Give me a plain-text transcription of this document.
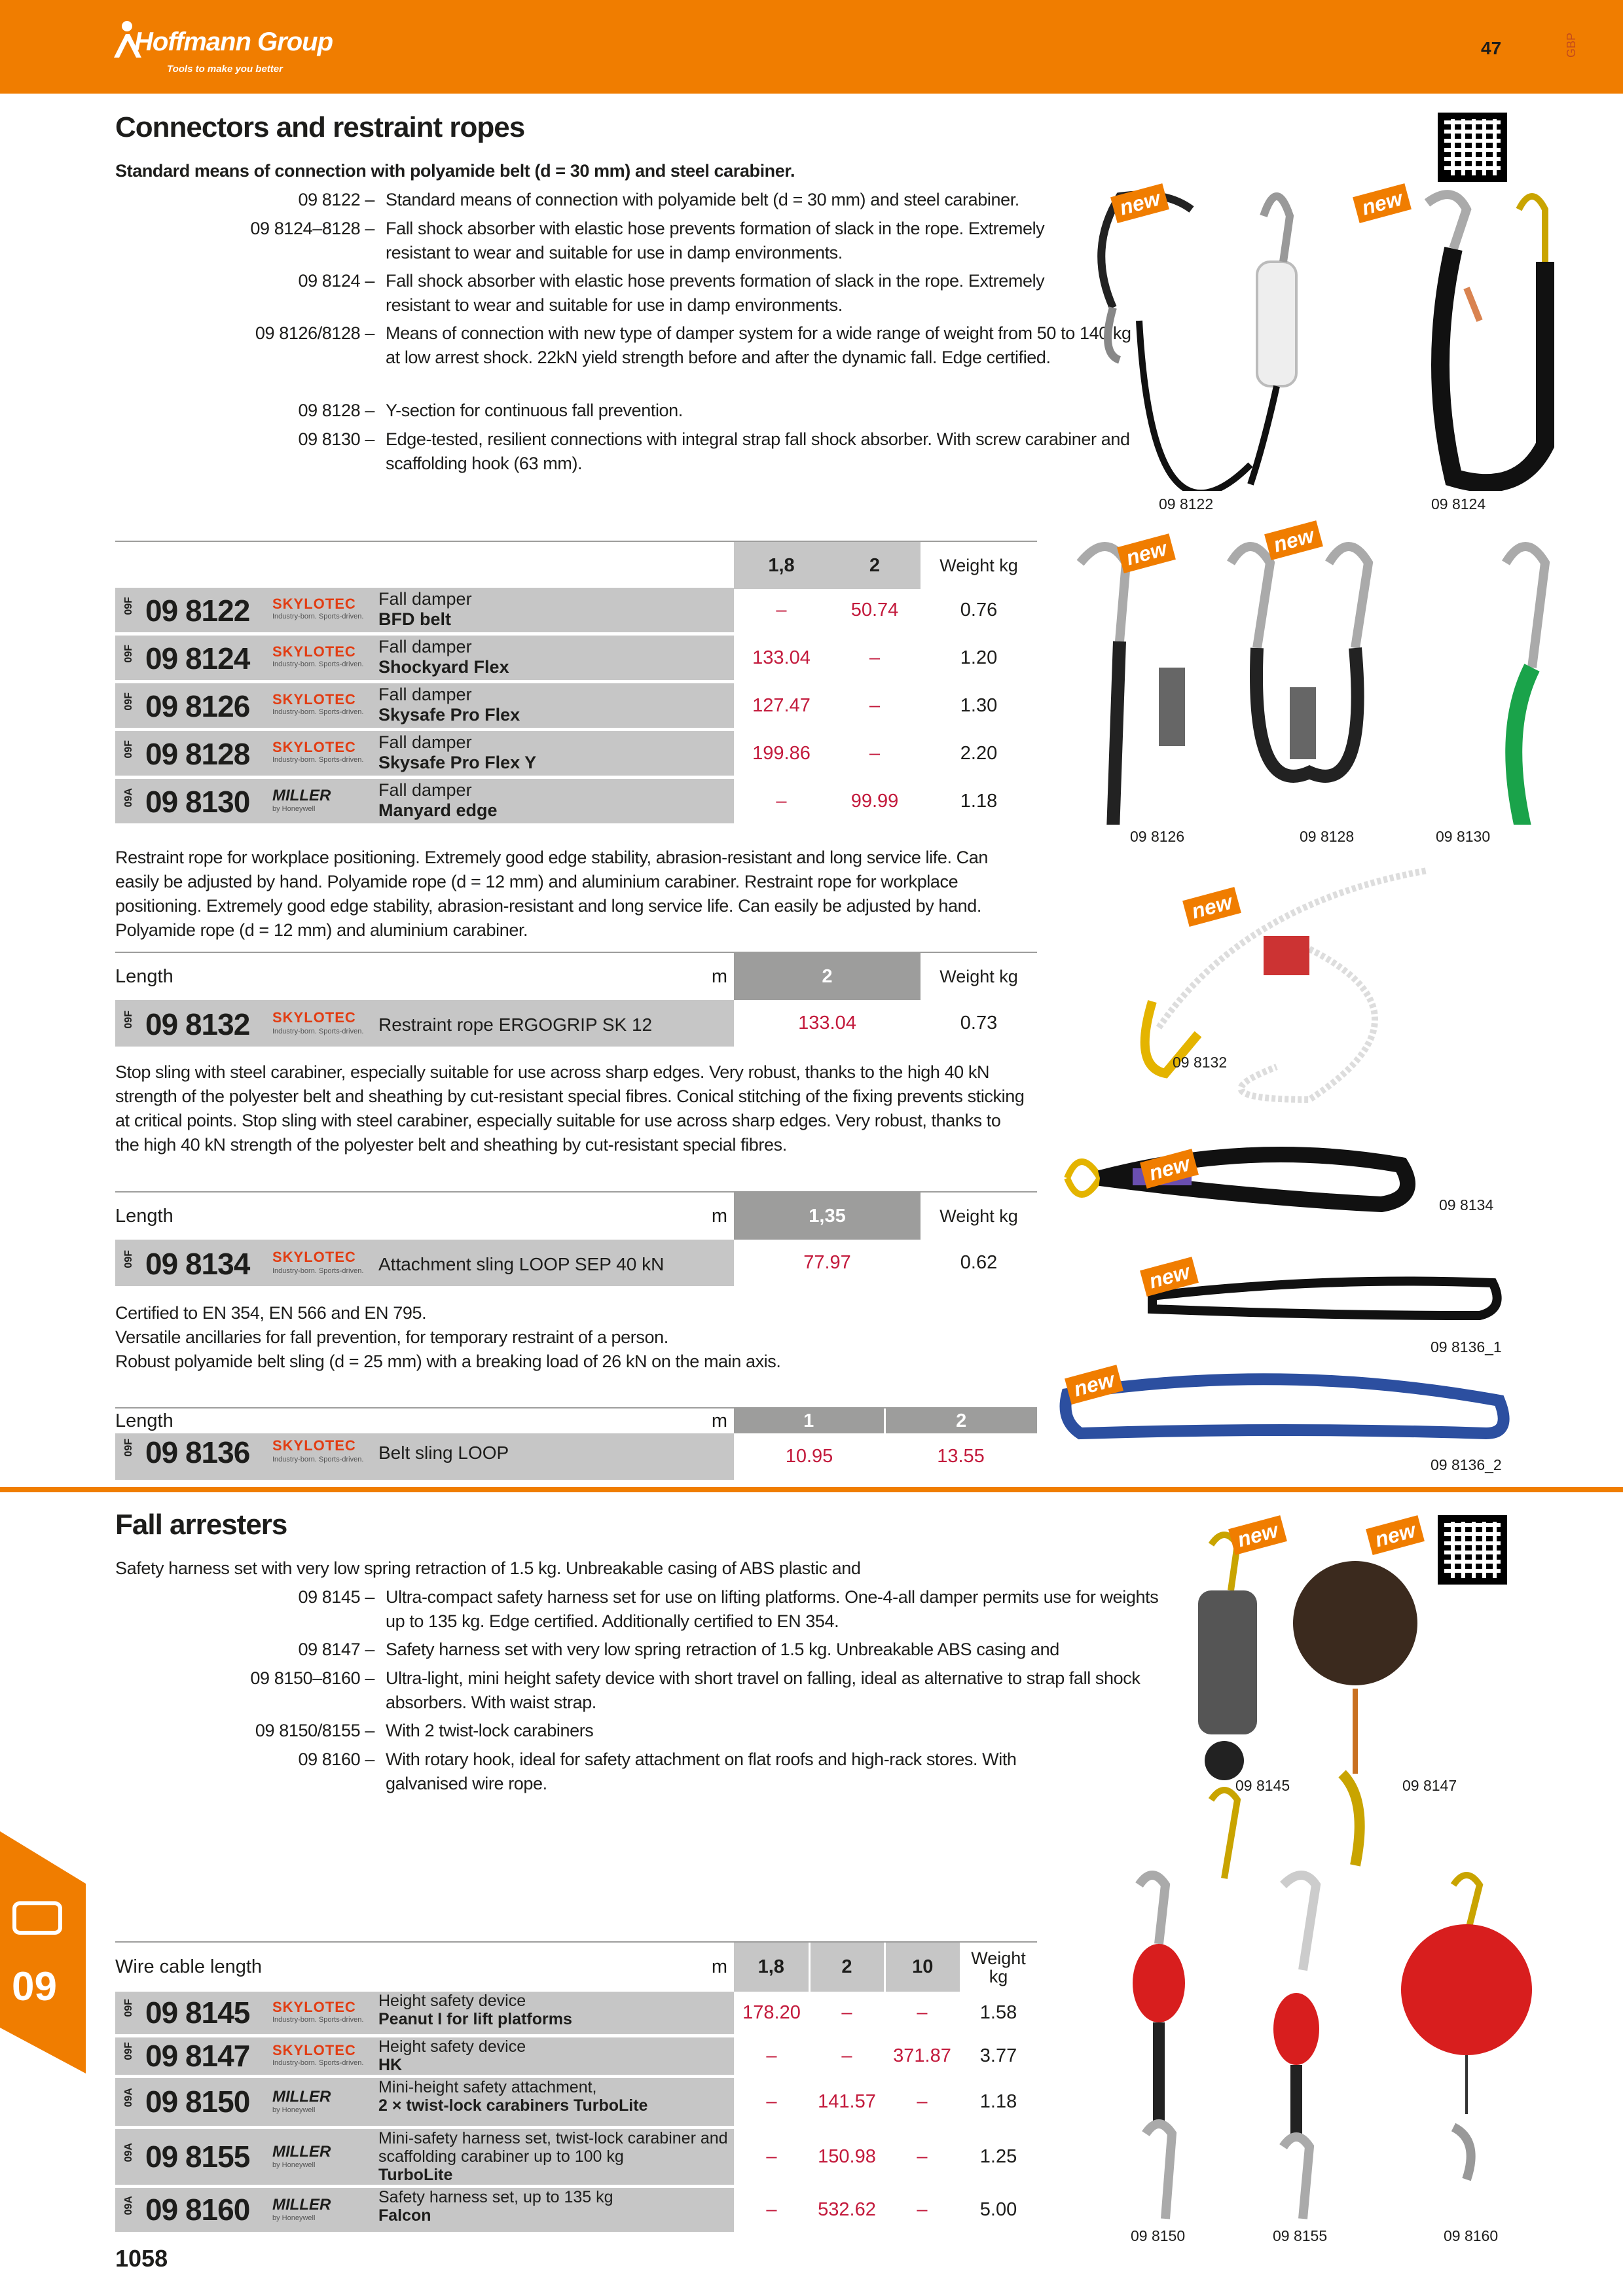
Hoffmann Group
Tools to make you better
47	GBP
Connectors and restraint ropes
Standard means of connection with polyamide belt (d = 30 mm) and steel carabiner.
09 8122 – Standard means of connection with polyamide belt (d = 30 mm) and steel carabiner.
09 8124–8128 – Fall shock absorber with elastic hose prevents formation of slack in the rope. Extremely resistant to wear and suitable for use in damp environments.
09 8124 – Fall shock absorber with elastic hose prevents formation of slack in the rope. Extremely resistant to wear and suitable for use in damp environments.
09 8126/8128 – Means of connection with new type of damper system for a wide range of weight from 50 to 140 kg at low arrest shock. 22kN yield strength before and after the dynamic fall. Edge certified.
09 8128 – Y-section for continuous fall prevention.
09 8130 – Edge-tested, resilient connections with integral strap fall shock absorber. With screw carabiner and scaffolding hook (63 mm).
	1,8	2	Weight kg
09F 09 8122 SKYLOTEC
Industry-born. Sports-driven.
Fall damper
BFD belt	–	50.74	0.76
09F 09 8124 SKYLOTEC
Industry-born. Sports-driven.
Fall damper
Shockyard Flex	133.04	–	1.20
09F 09 8126 SKYLOTEC
Industry-born. Sports-driven.
Fall damper
Skysafe Pro Flex	127.47	–	1.30
09F 09 8128 SKYLOTEC
Industry-born. Sports-driven.
Fall damper
Skysafe Pro Flex Y	199.86	–	2.20
09A 09 8130 MILLER
by Honeywell
Fall damper
Manyard edge	–	99.99	1.18
Restraint rope for workplace positioning. Extremely good edge stability, abrasion-resistant and long service life. Can easily be adjusted by hand. Polyamide rope (d = 12 mm) and aluminium carabiner. Restraint rope for workplace positioning. Extremely good edge stability, abrasion-resistant and long service life. Can easily be adjusted by hand. Polyamide rope (d = 12 mm) and aluminium carabiner.
Length m	2	Weight kg

09F 09 8132 SKYLOTEC
Industry-born. Sports-driven. Restraint rope ERGOGRIP SK 12	133.04	0.73
Stop sling with steel carabiner, especially suitable for use across sharp edges. Very robust, thanks to the high 40 kN strength of the polyester belt and sheathing by cut-resistant special fibres. Conical stitching of the fixing prevents sticking at critical points. Stop sling with steel carabiner, especially suitable for use across sharp edges. Very robust, thanks to the high 40 kN strength of the polyester belt and sheathing by cut-resistant special fibres.
Length m	1,35	Weight kg

09F 09 8134 SKYLOTEC
Industry-born. Sports-driven. Attachment sling LOOP SEP 40 kN	77.97	0.62
Certified to EN 354, EN 566 and EN 795.
Versatile ancillaries for fall prevention, for temporary restraint of a person.
Robust polyamide belt sling (d = 25 mm) with a breaking load of 26 kN on the main axis.
Length m	1	2

09F 09 8136 SKYLOTEC
Industry-born. Sports-driven. Belt sling LOOP	10.95	13.55
Fall arresters
Safety harness set with very low spring retraction of 1.5 kg. Unbreakable casing of ABS plastic and
09 8145 – Ultra-compact safety harness set for use on lifting platforms. One-4-all damper permits use for weights up to 135 kg. Edge certified. Additionally certified to EN 354.
09 8147 – Safety harness set with very low spring retraction of 1.5 kg. Unbreakable ABS casing and
09 8150–8160 – Ultra-light, mini height safety device with short travel on falling, ideal as alternative to strap fall shock absorbers. With waist strap.
09 8150/8155 – With 2 twist-lock carabiners
09 8160 – With rotary hook, ideal for safety attachment on flat roofs and high-rack stores. With galvanised wire rope.
Wire cable length	m	1,8	2	10	Weight kg
09F 09 8145 SKYLOTEC
Industry-born. Sports-driven.
Height safety device
Peanut I for lift platforms	178.20	–	–	1.58
09F 09 8147 SKYLOTEC
Industry-born. Sports-driven.
Height safety device
HK	–	–	371.87	3.77
09A 09 8150 MILLER
by Honeywell
Mini-height safety attachment,
2 × twist-lock carabiners TurboLite	–	141.57	–	1.18
09A 09 8155 MILLER
by Honeywell
Mini-safety harness set, twist-lock carabiner and scaffolding carabiner up to 100 kg
TurboLite
–	150.98	–	1.25
09A 09 8160 MILLER
by Honeywell
Safety harness set, up to 135 kg
Falcon	–	532.62	–	5.00
new	new
09 8122	09 8124
new	new
09 8126	09 8128	09 8130
new
09 8132
new
09 8134
new
09 8136_1
new
09 8136_2
new	new
09 8145	09 8147
09 8150	09 8155	09 8160
09
1058
